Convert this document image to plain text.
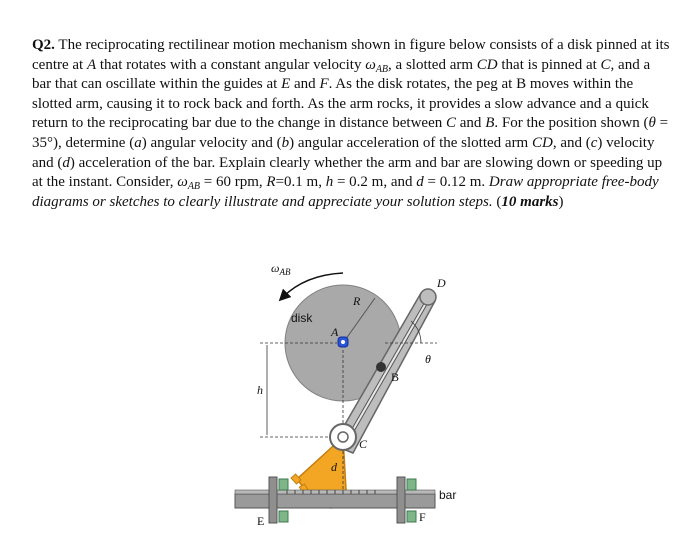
Q2. The reciprocating rectilinear motion mechanism shown in figure below consists of a disk pinned at its centre at A that rotates with a constant angular velocity $\omega_{AB}$, a slotted arm CD that is pinned at C, and a bar that can oscillate within the guides at E and F. As the disk rotates, the peg at B moves within the slotted arm, causing it to rock back and forth. As the arm rocks, it provides a slow advance and a quick return to the reciprocating bar due to the change in distance between C and B. For the position shown (θ = 35°), determine (a) angular velocity and (b) angular acceleration of the slotted arm CD, and (c) velocity and (d) acceleration of the bar. Explain clearly whether the arm and bar are slowing down or speeding up at the instant. Consider, $\omega_{AB} = 60$ rpm, R=0.1 m, h = 0.2 m, and d = 0.12 m. Draw appropriate free-body diagrams or sketches to clearly illustrate and appreciate your solution steps. (10 marks)
$\omega_{AB}$
disk
R
A
D
θ
B
h
C
d
bar
E	F
